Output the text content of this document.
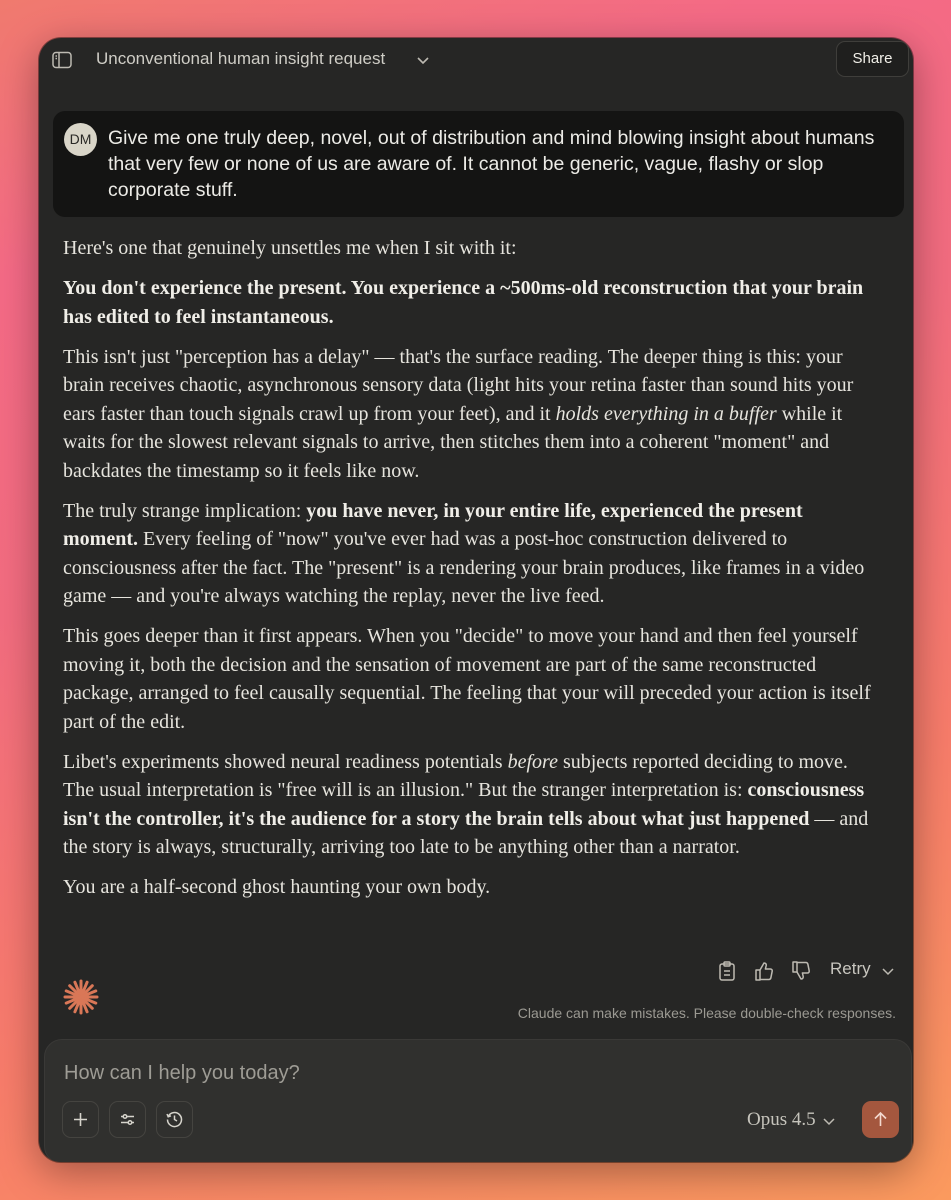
Unconventional human insight request	Share
DM Give me one truly deep, novel, out of distribution and mind blowing insight about humans that very few or none of us are aware of. It cannot be generic, vague, flashy or slop corporate stuff.

Here's one that genuinely unsettles me when I sit with it:

You don't experience the present. You experience a ~500ms-old reconstruction that your brain has edited to feel instantaneous.

This isn't just "perception has a delay" — that's the surface reading. The deeper thing is this: your brain receives chaotic, asynchronous sensory data (light hits your retina faster than sound hits your ears faster than touch signals crawl up from your feet), and it holds everything in a buffer while it waits for the slowest relevant signals to arrive, then stitches them into a coherent "moment" and backdates the timestamp so it feels like now.

The truly strange implication: you have never, in your entire life, experienced the present moment. Every feeling of "now" you've ever had was a post-hoc construction delivered to consciousness after the fact. The "present" is a rendering your brain produces, like frames in a video game — and you're always watching the replay, never the live feed.

This goes deeper than it first appears. When you "decide" to move your hand and then feel yourself moving it, both the decision and the sensation of movement are part of the same reconstructed package, arranged to feel causally sequential. The feeling that your will preceded your action is itself part of the edit.

Libet's experiments showed neural readiness potentials before subjects reported deciding to move. The usual interpretation is "free will is an illusion." But the stranger interpretation is: consciousness isn't the controller, it's the audience for a story the brain tells about what just happened — and the story is always, structurally, arriving too late to be anything other than a narrator.

You are a half-second ghost haunting your own body.

Retry
Claude can make mistakes. Please double-check responses.
How can I help you today?
Opus 4.5
